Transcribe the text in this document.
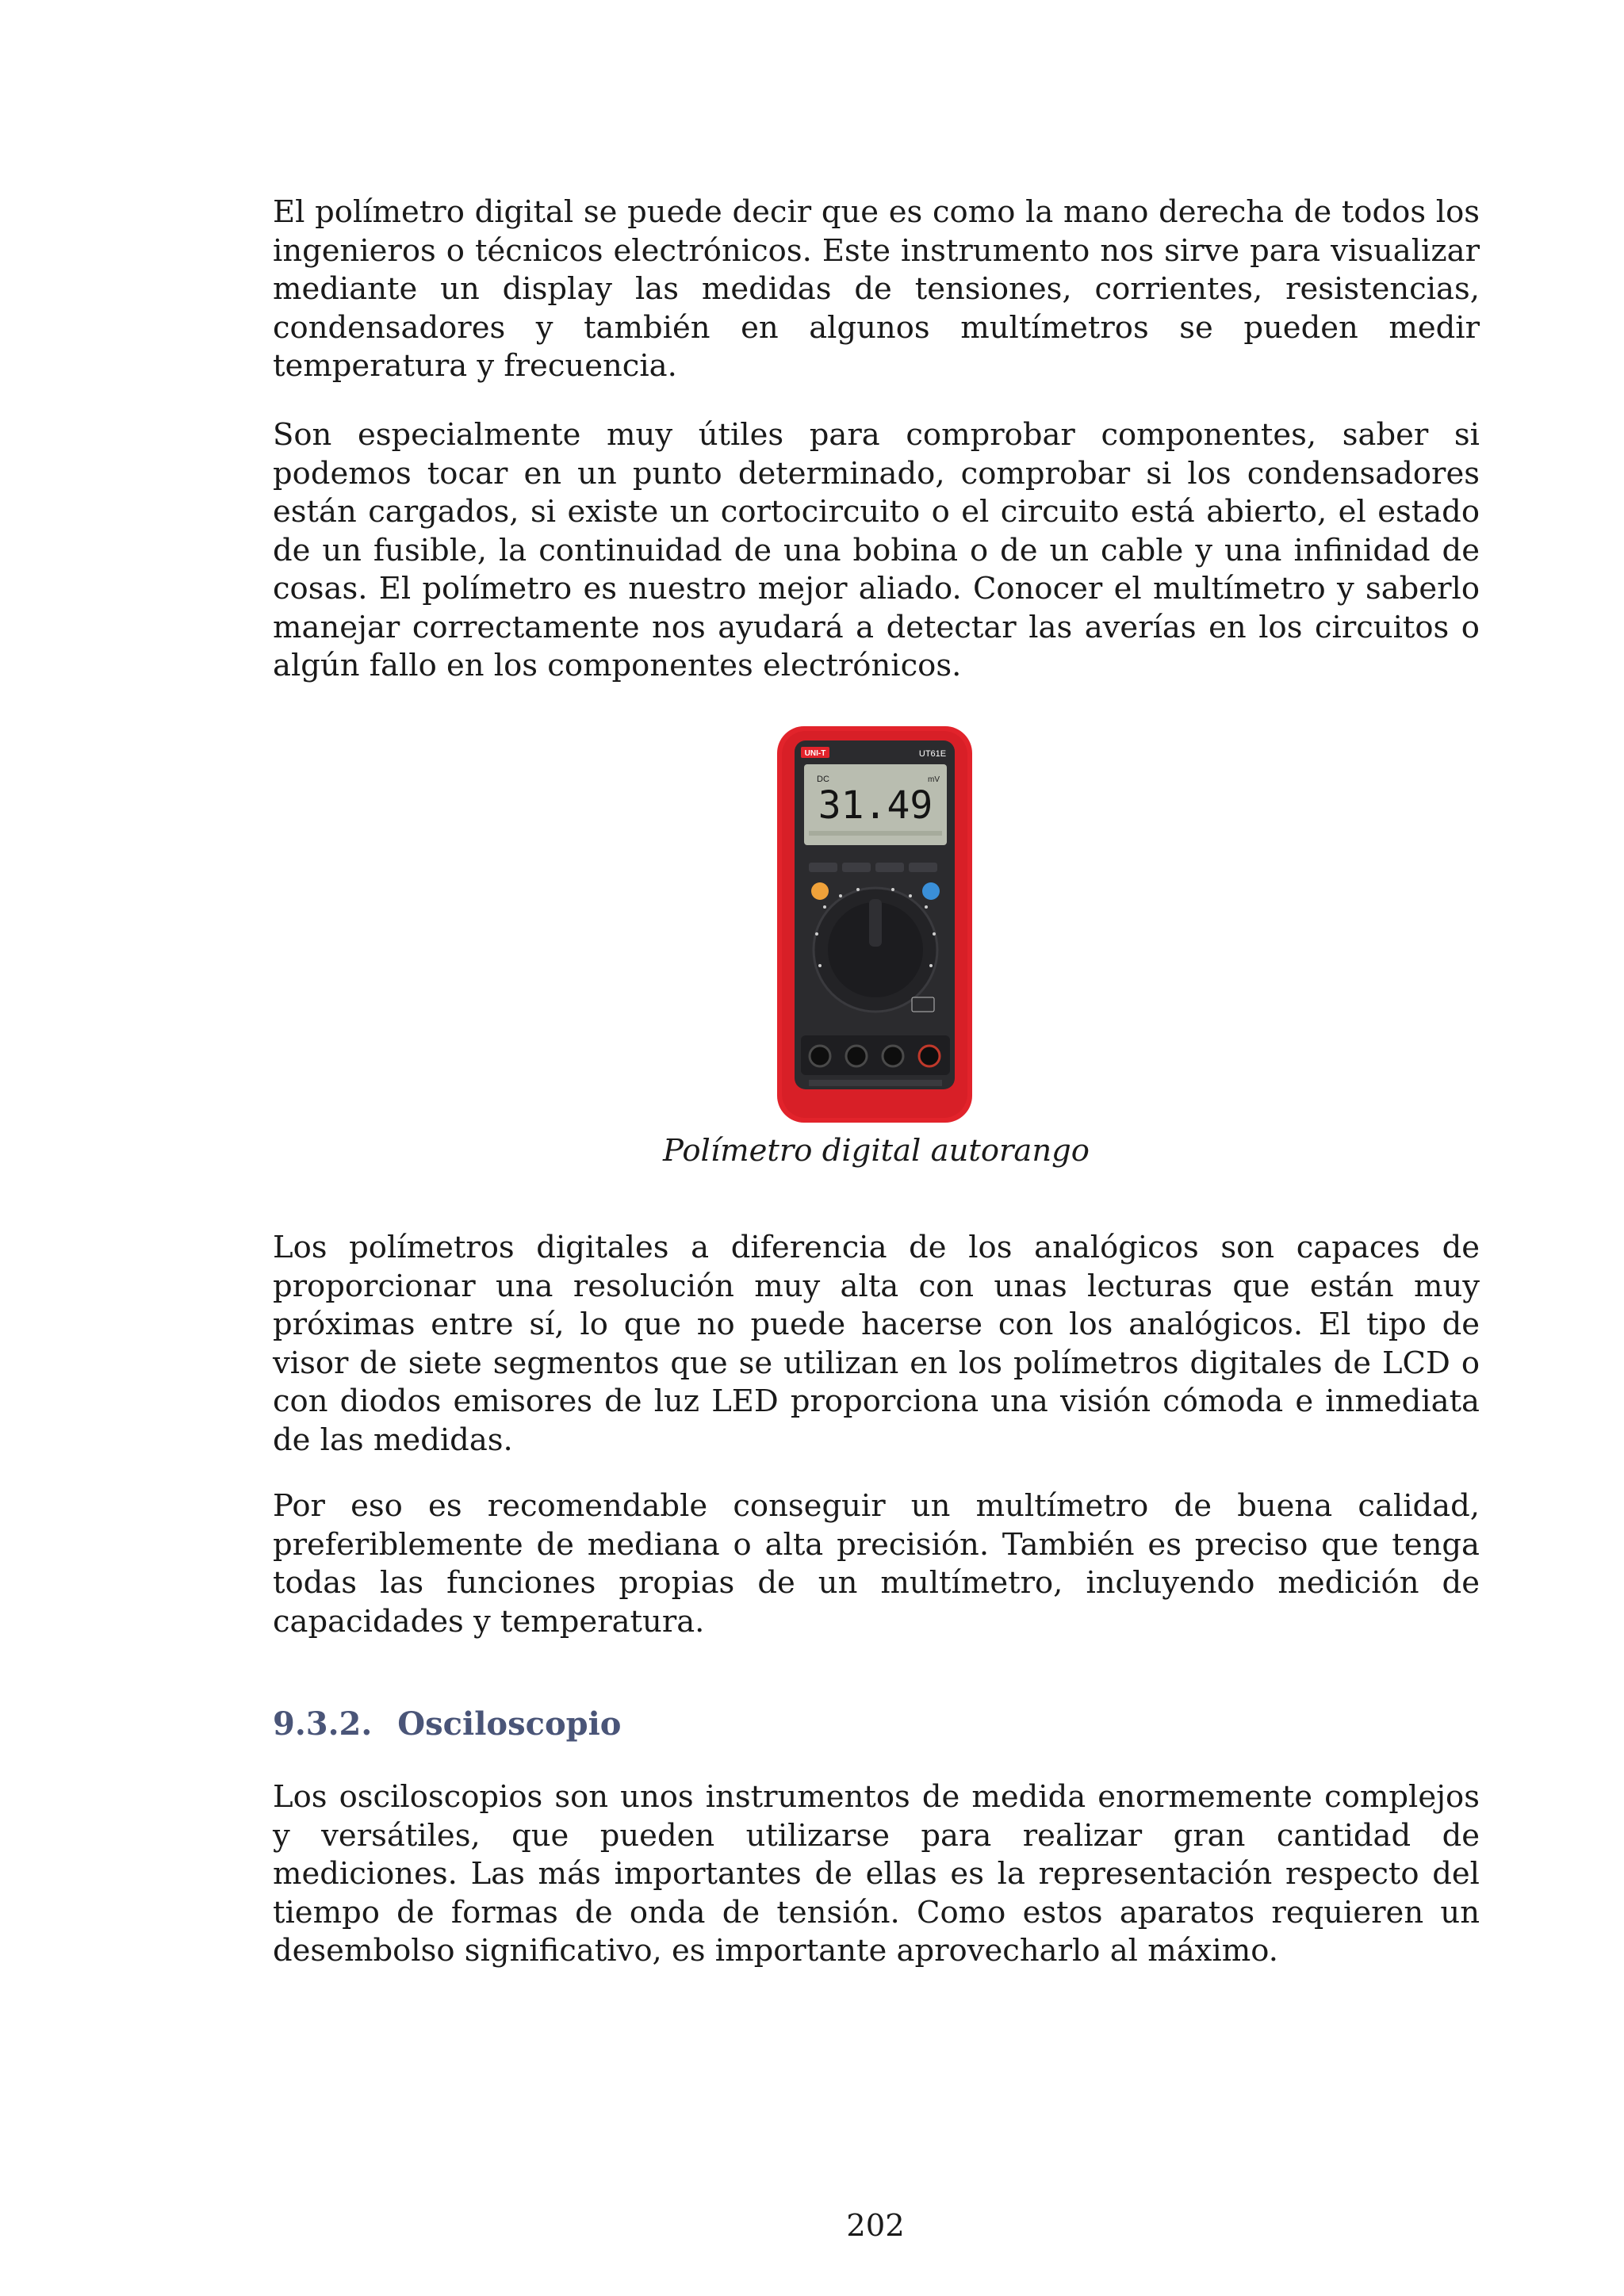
El polímetro digital se puede decir que es como la mano derecha de todos los ingenieros o técnicos electrónicos. Este instrumento nos sirve para visualizar mediante un display las medidas de tensiones, corrientes, resistencias, condensadores y también en algunos multímetros se pueden medir temperatura y frecuencia.

Son especialmente muy útiles para comprobar componentes, saber si podemos tocar en un punto determinado, comprobar si los condensadores están cargados, si existe un cortocircuito o el circuito está abierto, el estado de un fusible, la continuidad de una bobina o de un cable y una infinidad de cosas. El polímetro es nuestro mejor aliado. Conocer el multímetro y saberlo manejar correctamente nos ayudará a detectar las averías en los circuitos o algún fallo en los componentes electrónicos.

UNI-T	UT61E
DC	mV
31.49

Polímetro digital autorango

Los polímetros digitales a diferencia de los analógicos son capaces de proporcionar una resolución muy alta con unas lecturas que están muy próximas entre sí, lo que no puede hacerse con los analógicos. El tipo de visor de siete segmentos que se utilizan en los polímetros digitales de LCD o con diodos emisores de luz LED proporciona una visión cómoda e inmediata de las medidas.

Por eso es recomendable conseguir un multímetro de buena calidad, preferiblemente de mediana o alta precisión. También es preciso que tenga todas las funciones propias de un multímetro, incluyendo medición de capacidades y temperatura.

9.3.2. Osciloscopio

Los osciloscopios son unos instrumentos de medida enormemente complejos y versátiles, que pueden utilizarse para realizar gran cantidad de mediciones. Las más importantes de ellas es la representación respecto del tiempo de formas de onda de tensión. Como estos aparatos requieren un desembolso significativo, es importante aprovecharlo al máximo.

202
